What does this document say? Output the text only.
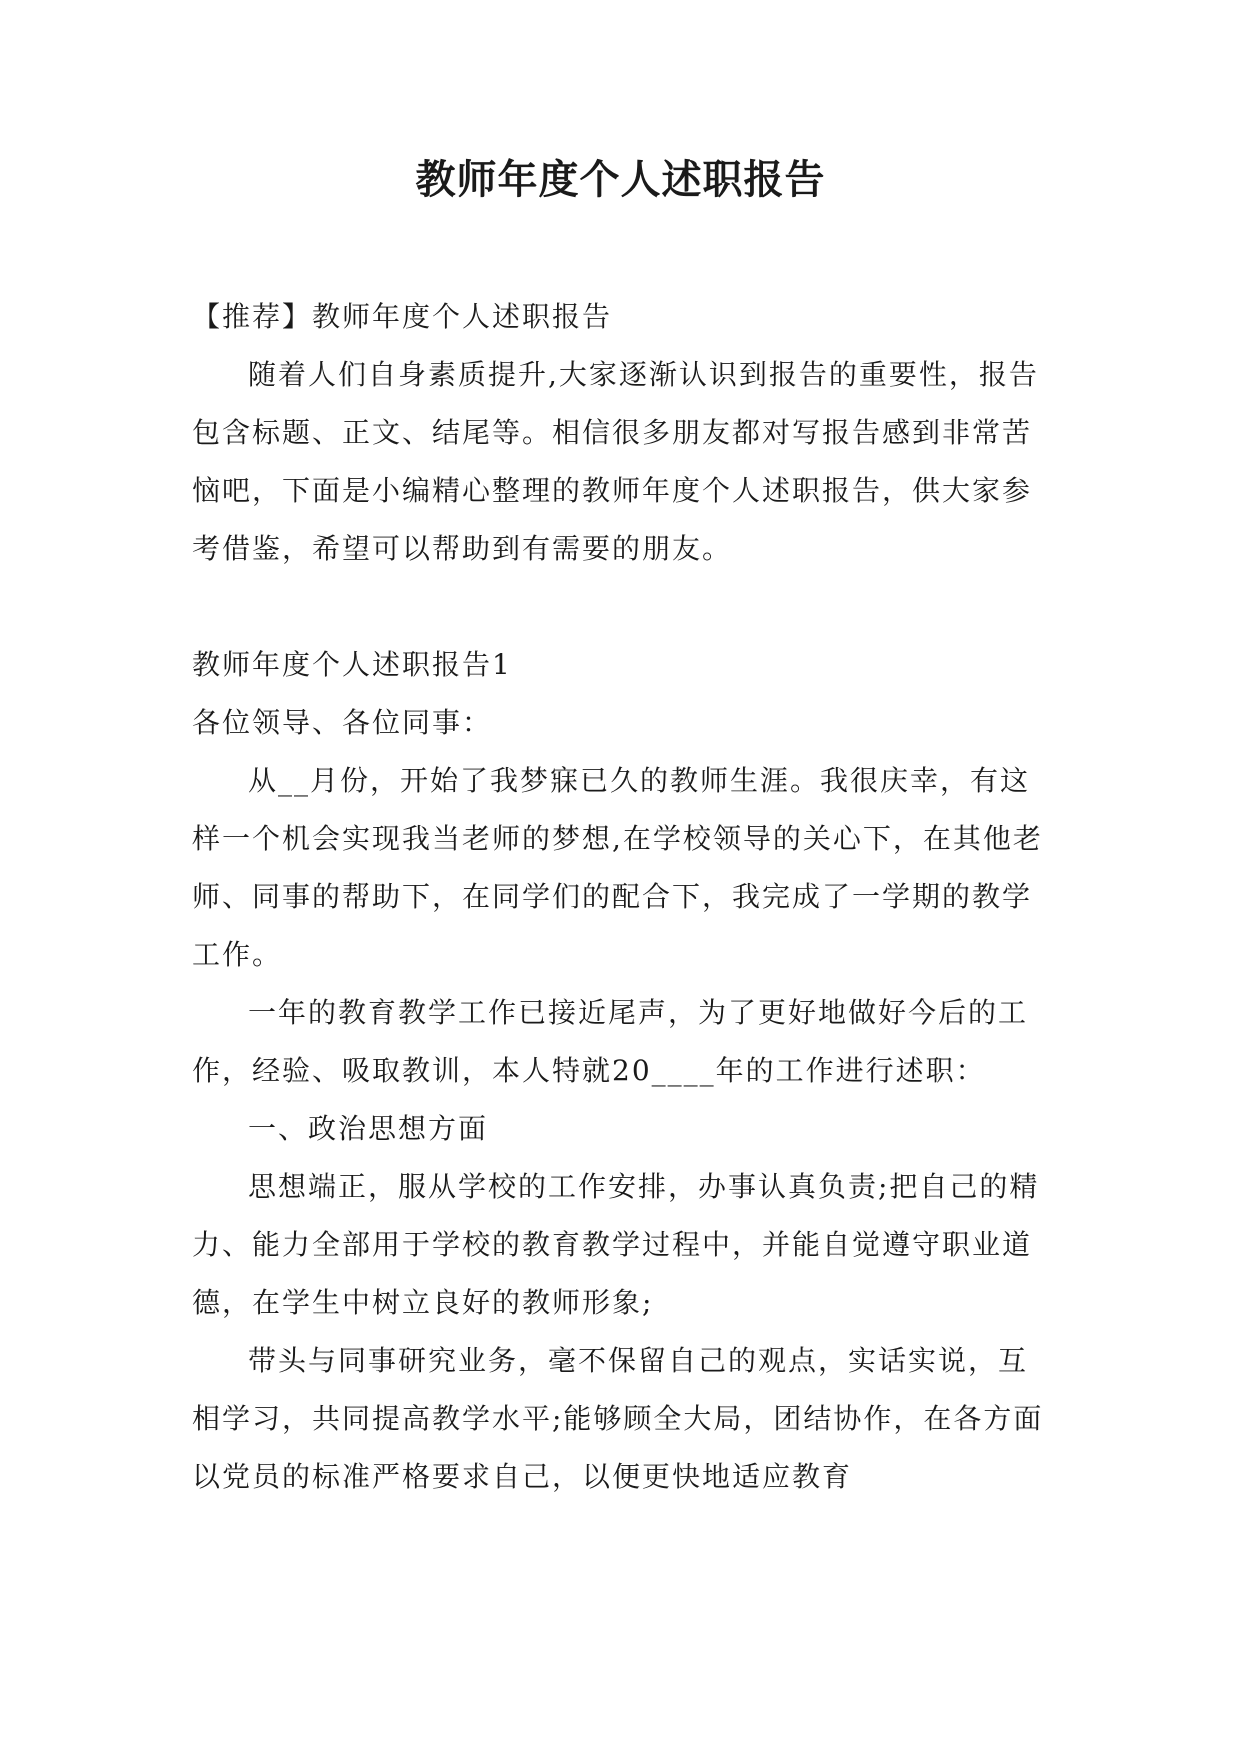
教师年度个人述职报告

【推荐】教师年度个人述职报告

随着人们自身素质提升,大家逐渐认识到报告的重要性，报告包含标题、正文、结尾等。相信很多朋友都对写报告感到非常苦恼吧，下面是小编精心整理的教师年度个人述职报告，供大家参考借鉴，希望可以帮助到有需要的朋友。

教师年度个人述职报告1

各位领导、各位同事：

从__月份，开始了我梦寐已久的教师生涯。我很庆幸，有这样一个机会实现我当老师的梦想,在学校领导的关心下，在其他老师、同事的帮助下，在同学们的配合下，我完成了一学期的教学工作。

一年的教育教学工作已接近尾声，为了更好地做好今后的工作，经验、吸取教训，本人特就20____年的工作进行述职：

一、政治思想方面

思想端正，服从学校的工作安排，办事认真负责;把自己的精力、能力全部用于学校的教育教学过程中，并能自觉遵守职业道德，在学生中树立良好的教师形象;

带头与同事研究业务，毫不保留自己的观点，实话实说，互相学习，共同提高教学水平;能够顾全大局，团结协作，在各方面以党员的标准严格要求自己，以便更快地适应教育
